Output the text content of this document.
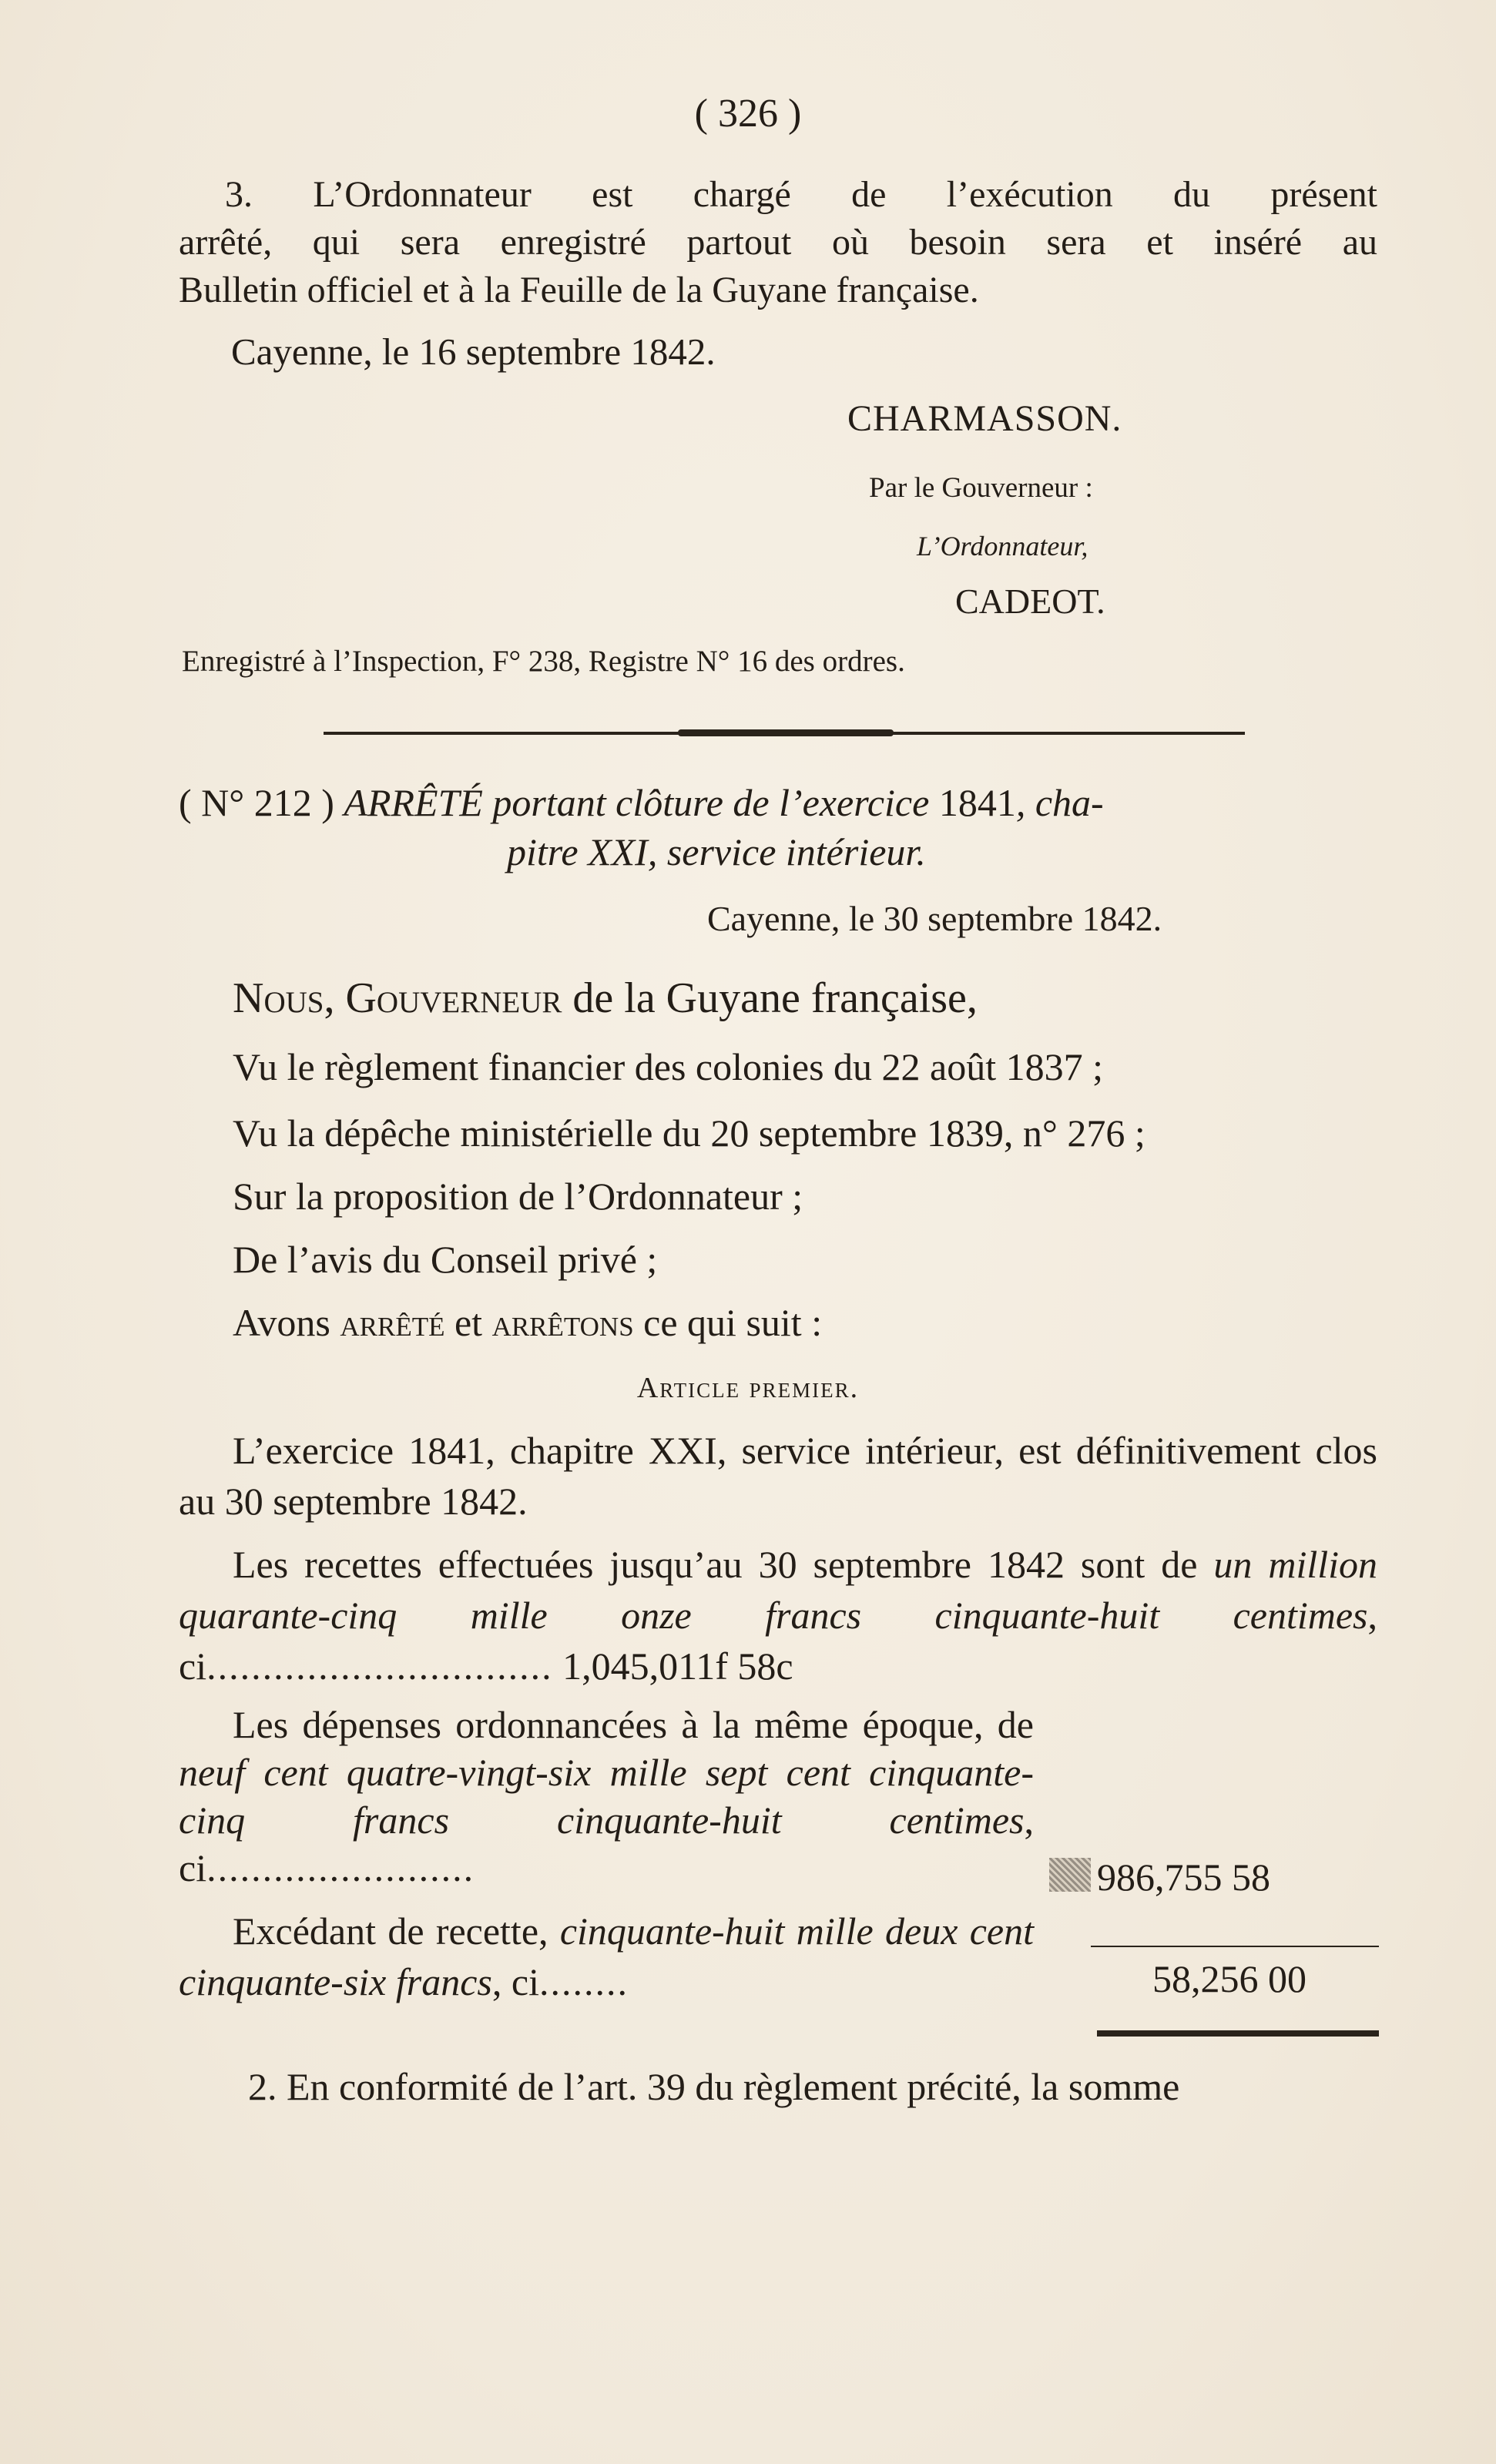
( 326 )
3. L’Ordonnateur est chargé de l’exécution du présent
arrêté, qui sera enregistré partout où besoin sera et inséré au
Bulletin officiel et à la Feuille de la Guyane française.
Cayenne, le 16 septembre 1842.
CHARMASSON.
Par le Gouverneur :
L’Ordonnateur,
CADEOT.
Enregistré à l’Inspection, F° 238, Registre N° 16 des ordres.
( N° 212 ) ARRÊTÉ portant clôture de l’exercice 1841, cha-
pitre XXI, service intérieur.
Cayenne, le 30 septembre 1842.
Nous, Gouverneur de la Guyane française,
Vu le règlement financier des colonies du 22 août 1837 ;
Vu la dépêche ministérielle du 20 septembre 1839, n° 276 ;
Sur la proposition de l’Ordonnateur ;
De l’avis du Conseil privé ;
Avons arrêté et arrêtons ce qui suit :
Article premier.
L’exercice 1841, chapitre XXI, service intérieur, est définitivement clos au 30 septembre 1842.
Les recettes effectuées jusqu’au 30 septembre 1842 sont de un million quarante-cinq mille onze francs cinquante-huit centimes, ci............................... 1,045,011f 58c
Les dépenses ordonnancées à la même époque, de neuf cent quatre-vingt-six mille sept cent cinquante-cinq francs cinquante-huit centimes, ci........................	986,755 58
Excédant de recette, cinquante-huit mille deux cent cinquante-six francs, ci........	58,256 00
2. En conformité de l’art. 39 du règlement précité, la somme
